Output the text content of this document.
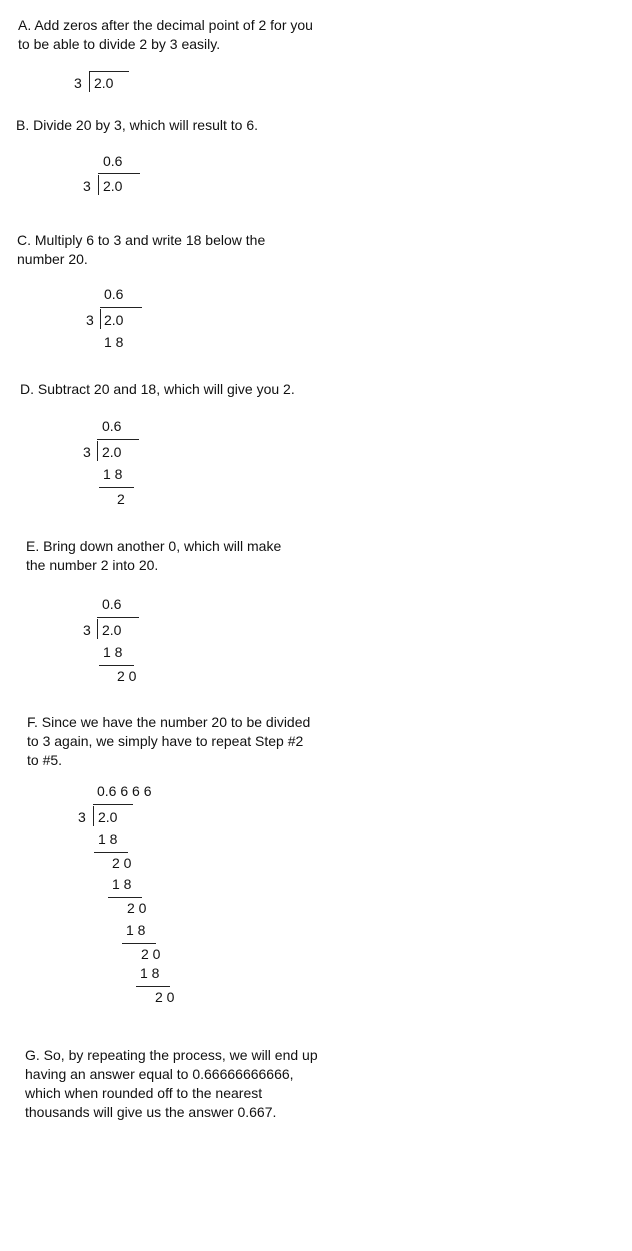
A. Add zeros after the decimal point of 2 for you
to be able to divide 2 by 3 easily.
3 2.0
B. Divide 20 by 3, which will result to 6.
0.6
3 2.0
C. Multiply 6 to 3 and write 18 below the
number 20.
0.6
3 2.0
1 8
D. Subtract 20 and 18, which will give you 2.
0.6
3 2.0
1 8
2
E. Bring down another 0, which will make
the number 2 into 20.
0.6
3 2.0
1 8
2 0
F. Since we have the number 20 to be divided
to 3 again, we simply have to repeat Step #2
to #5.
0.6 6 6 6
3 2.0
1 8
2 0
1 8
2 0
1 8
2 0
1 8
2 0
G. So, by repeating the process, we will end up
having an answer equal to 0.66666666666,
which when rounded off to the nearest
thousands will give us the answer 0.667.
